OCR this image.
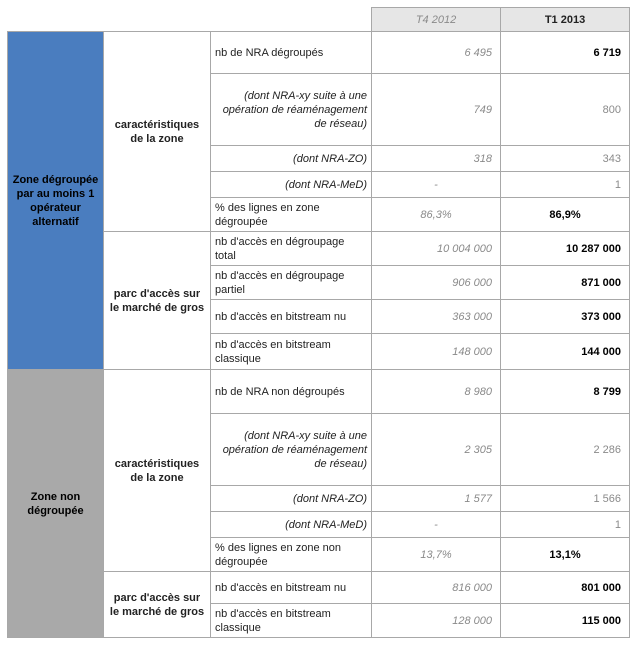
			T4 2012	T1 2013
Zone dégroupée par au moins 1 opérateur alternatif	caractéristiques de la zone	nb de NRA dégroupés	6 495	6 719
		(dont NRA-xy suite à une opération de réaménagement de réseau)	749	800
		(dont NRA-ZO)	318	343
		(dont NRA-MeD)	-	1
		% des lignes en zone dégroupée	86,3%	86,9%
	parc d'accès sur le marché de gros	nb d'accès en dégroupage total	10 004 000	10 287 000
		nb d'accès en dégroupage partiel	906 000	871 000
		nb d'accès en bitstream nu	363 000	373 000
		nb d'accès en bitstream classique	148 000	144 000
Zone non dégroupée	caractéristiques de la zone	nb de NRA non dégroupés	8 980	8 799
		(dont NRA-xy suite à une opération de réaménagement de réseau)	2 305	2 286
		(dont NRA-ZO)	1 577	1 566
		(dont NRA-MeD)	-	1
		% des lignes en zone non dégroupée	13,7%	13,1%
	parc d'accès sur le marché de gros	nb d'accès en bitstream nu	816 000	801 000
		nb d'accès en bitstream classique	128 000	115 000
